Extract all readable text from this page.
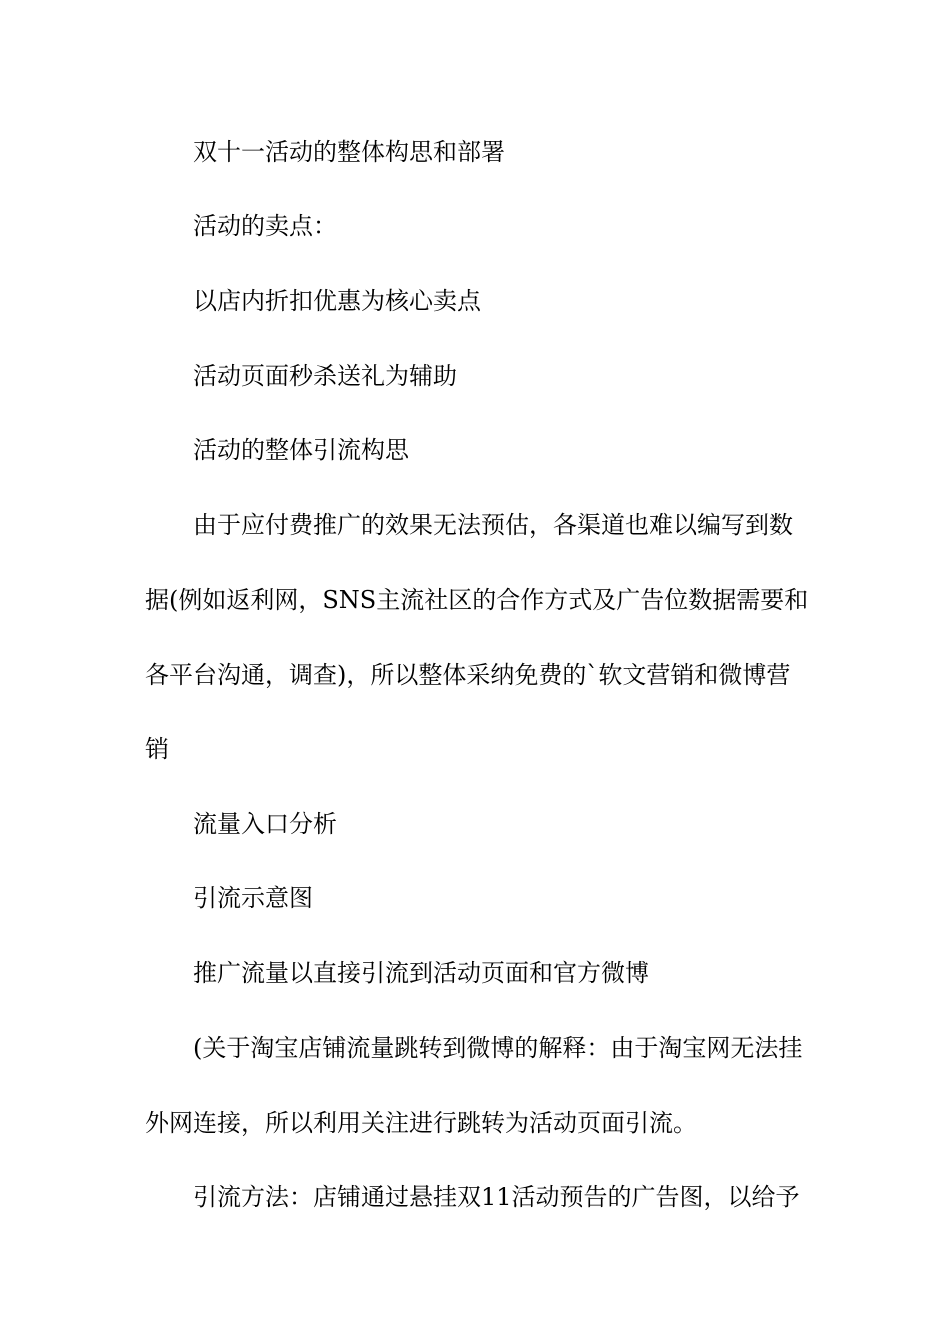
双十一活动的整体构思和部署
活动的卖点：
以店内折扣优惠为核心卖点
活动页面秒杀送礼为辅助
活动的整体引流构思
由于应付费推广的效果无法预估，各渠道也难以编写到数
据(例如返利网，SNS主流社区的合作方式及广告位数据需要和
各平台沟通，调查)，所以整体采纳免费的`软文营销和微博营
销
流量入口分析
引流示意图
推广流量以直接引流到活动页面和官方微博
(关于淘宝店铺流量跳转到微博的解释：由于淘宝网无法挂
外网连接，所以利用关注进行跳转为活动页面引流。
引流方法：店铺通过悬挂双11活动预告的广告图，以给予
